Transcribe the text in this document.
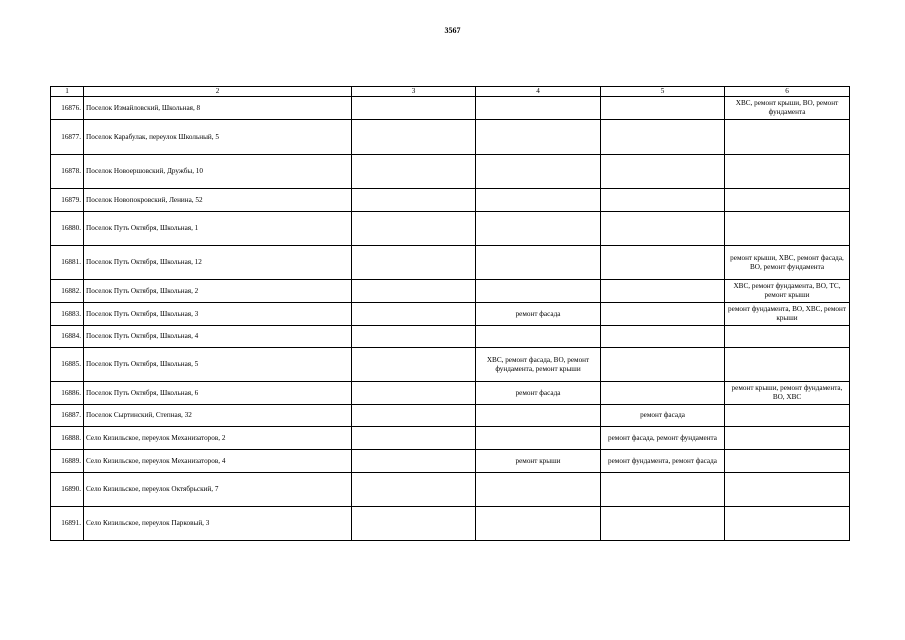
3567
1	2	3	4	5	6
16876.	Поселок Измайловский, Школьная, 8				ХВС, ремонт крыши, ВО, ремонт фундамента
16877.	Поселок Карабулак, переулок Школьный, 5				
16878.	Поселок Новоершовский, Дружбы, 10				
16879.	Поселок Новопокровский, Ленина, 52				
16880.	Поселок Путь Октября, Школьная, 1				
16881.	Поселок Путь Октября, Школьная, 12				ремонт крыши, ХВС, ремонт фасада, ВО, ремонт фундамента
16882.	Поселок Путь Октября, Школьная, 2				ХВС, ремонт фундамента, ВО, ТС, ремонт крыши
16883.	Поселок Путь Октября, Школьная, 3		ремонт фасада		ремонт фундамента, ВО, ХВС, ремонт крыши
16884.	Поселок Путь Октября, Школьная, 4				
16885.	Поселок Путь Октября, Школьная, 5		ХВС, ремонт фасада, ВО, ремонт фундамента, ремонт крыши		
16886.	Поселок Путь Октября, Школьная, 6		ремонт фасада		ремонт крыши, ремонт фундамента, ВО, ХВС
16887.	Поселок Сыртинский, Степная, 32			ремонт фасада	
16888.	Село Кизильское, переулок Механизаторов, 2			ремонт фасада, ремонт фундамента	
16889.	Село Кизильское, переулок Механизаторов, 4		ремонт крыши	ремонт фундамента, ремонт фасада	
16890.	Село Кизильское, переулок Октябрьский, 7				
16891.	Село Кизильское, переулок Парковый, 3				
